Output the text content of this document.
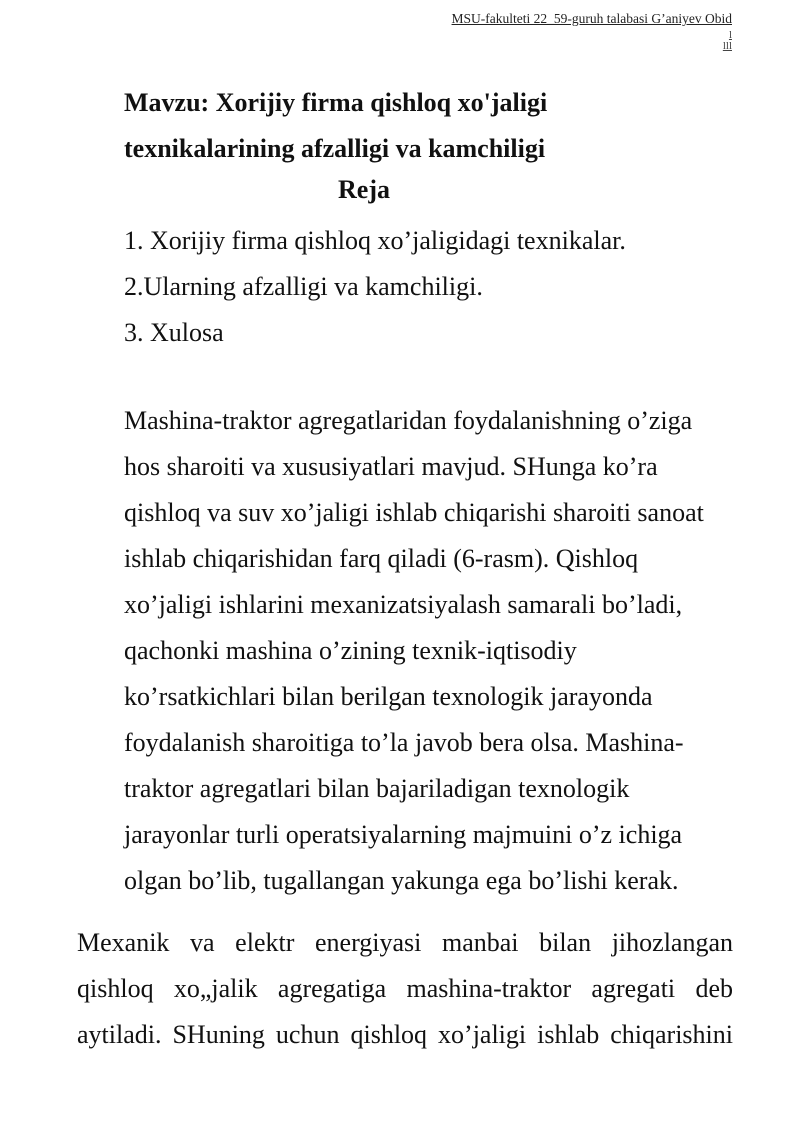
MSU-fakulteti 22_59-guruh talabasi G’aniyev Obid
l
lll

Mavzu: Xorijiy firma qishloq xo'jaligi

texnikalarining afzalligi va kamchiligi

Reja
1. Xorijiy firma qishloq xo’jaligidagi texnikalar.
2.Ularning afzalligi va kamchiligi.
3. Xulosa
Mashina-traktor agregatlaridan foydalanishning o’ziga
hos sharoiti va xususiyatlari mavjud. SHunga ko’ra
qishloq va suv xo’jaligi ishlab chiqarishi sharoiti sanoat
ishlab chiqarishidan farq qiladi (6-rasm). Qishloq
xo’jaligi ishlarini mexanizatsiyalash samarali bo’ladi,
qachonki mashina o’zining texnik-iqtisodiy
ko’rsatkichlari bilan berilgan texnologik jarayonda
foydalanish sharoitiga to’la javob bera olsa. Mashina-
traktor agregatlari bilan bajariladigan texnologik
jarayonlar turli operatsiyalarning majmuini o’z ichiga
olgan bo’lib, tugallangan yakunga ega bo’lishi kerak.
Mexanik va elektr energiyasi manbai bilan jihozlangan
qishloq xo„jalik agregatiga mashina-traktor agregati deb
aytiladi. SHuning uchun qishloq xo’jaligi ishlab chiqarishini
